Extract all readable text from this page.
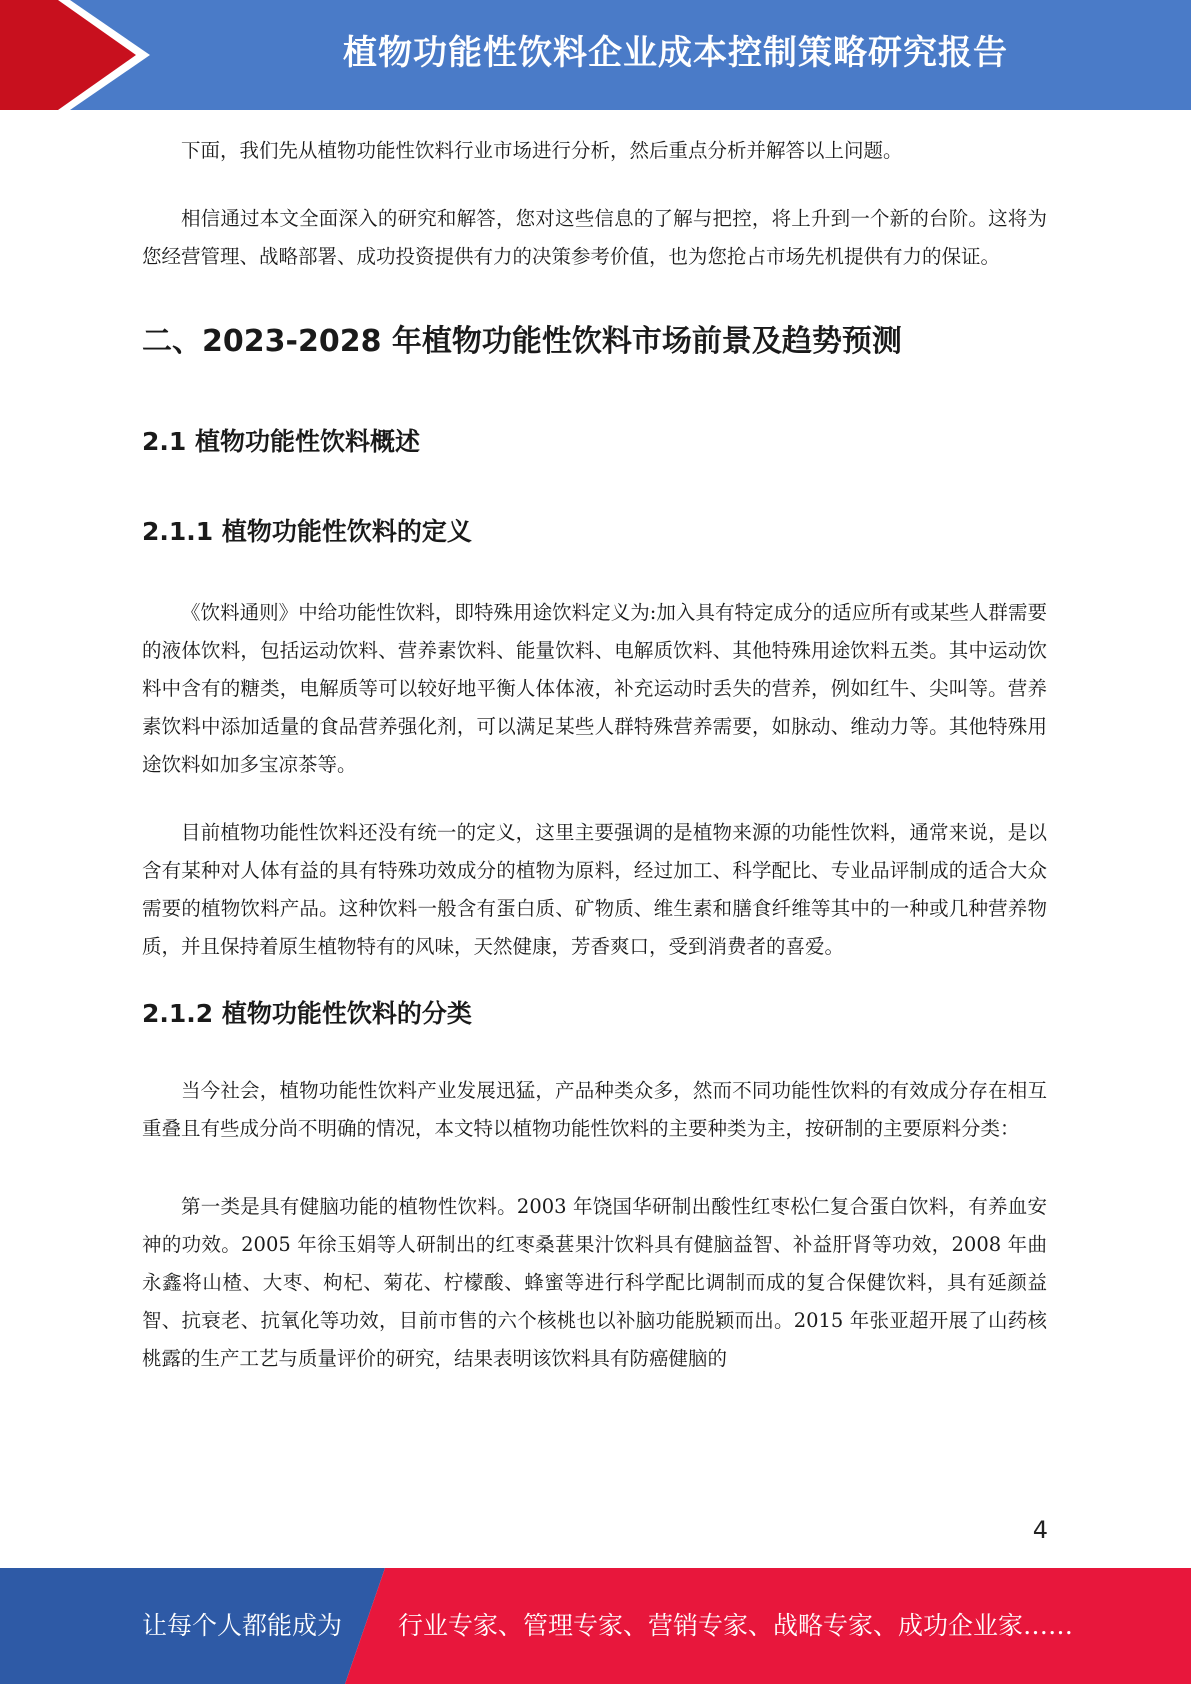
植物功能性饮料企业成本控制策略研究报告

下面，我们先从植物功能性饮料行业市场进行分析，然后重点分析并解答以上问题。

相信通过本文全面深入的研究和解答，您对这些信息的了解与把控，将上升到一个新的台阶。这将为您经营管理、战略部署、成功投资提供有力的决策参考价值，也为您抢占市场先机提供有力的保证。

二、2023-2028 年植物功能性饮料市场前景及趋势预测
2.1 植物功能性饮料概述
2.1.1 植物功能性饮料的定义

《饮料通则》中给功能性饮料，即特殊用途饮料定义为:加入具有特定成分的适应所有或某些人群需要的液体饮料，包括运动饮料、营养素饮料、能量饮料、电解质饮料、其他特殊用途饮料五类。其中运动饮料中含有的糖类，电解质等可以较好地平衡人体体液，补充运动时丢失的营养，例如红牛、尖叫等。营养素饮料中添加适量的食品营养强化剂，可以满足某些人群特殊营养需要，如脉动、维动力等。其他特殊用途饮料如加多宝凉茶等。

目前植物功能性饮料还没有统一的定义，这里主要强调的是植物来源的功能性饮料，通常来说，是以含有某种对人体有益的具有特殊功效成分的植物为原料，经过加工、科学配比、专业品评制成的适合大众需要的植物饮料产品。这种饮料一般含有蛋白质、矿物质、维生素和膳食纤维等其中的一种或几种营养物质，并且保持着原生植物特有的风味，天然健康，芳香爽口，受到消费者的喜爱。

2.1.2 植物功能性饮料的分类

当今社会，植物功能性饮料产业发展迅猛，产品种类众多，然而不同功能性饮料的有效成分存在相互重叠且有些成分尚不明确的情况，本文特以植物功能性饮料的主要种类为主，按研制的主要原料分类：

第一类是具有健脑功能的植物性饮料。2003 年饶国华研制出酸性红枣松仁复合蛋白饮料，有养血安神的功效。2005 年徐玉娟等人研制出的红枣桑葚果汁饮料具有健脑益智、补益肝肾等功效，2008 年曲永鑫将山楂、大枣、枸杞、菊花、柠檬酸、蜂蜜等进行科学配比调制而成的复合保健饮料，具有延颜益智、抗衰老、抗氧化等功效，目前市售的六个核桃也以补脑功能脱颖而出。2015 年张亚超开展了山药核桃露的生产工艺与质量评价的研究，结果表明该饮料具有防癌健脑的

4
让每个人都能成为 行业专家、管理专家、营销专家、战略专家、成功企业家……
